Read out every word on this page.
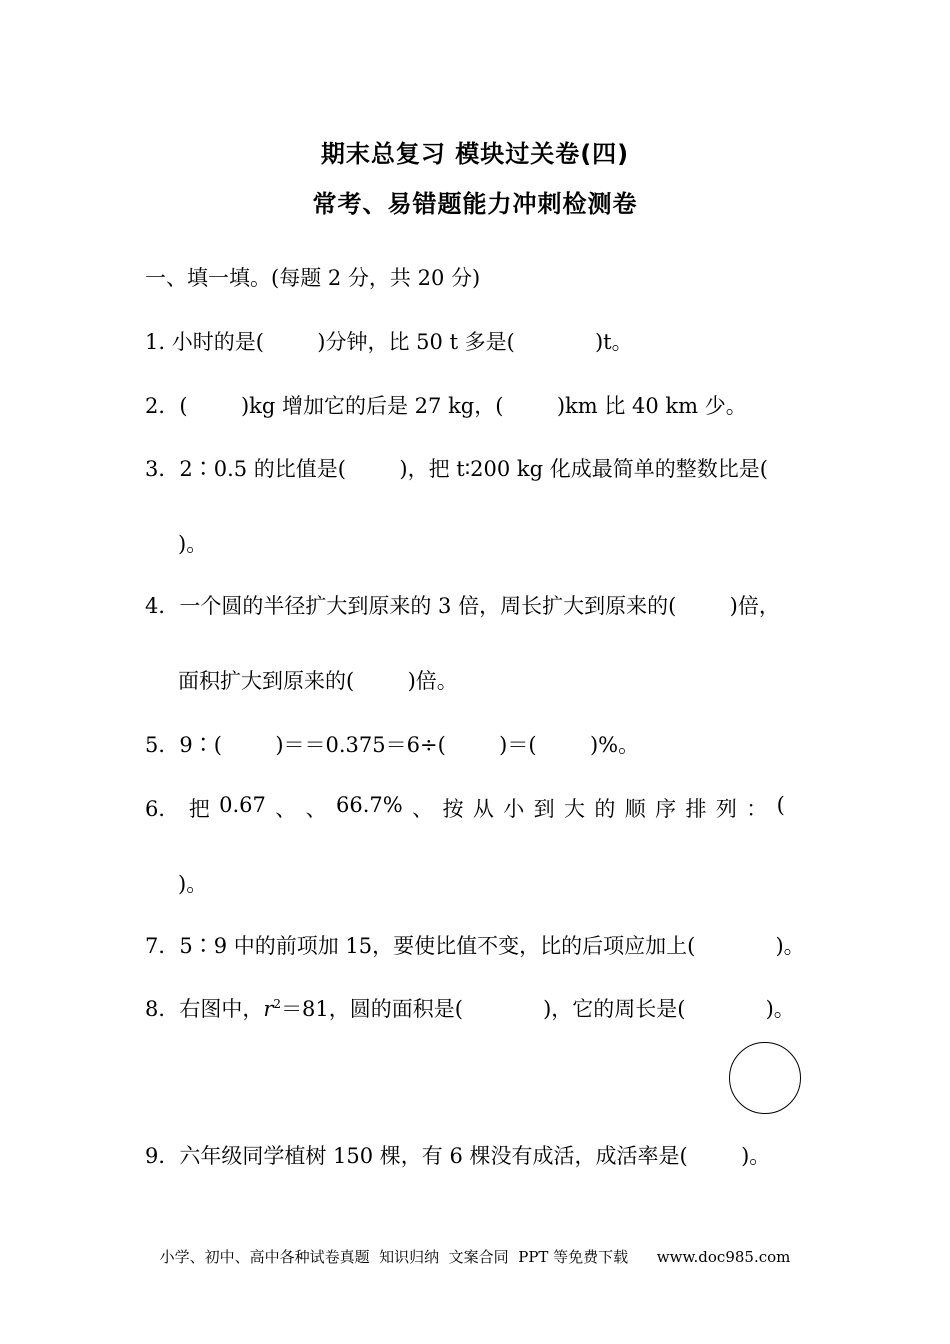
期末总复习 模块过关卷(四)
常考、易错题能力冲刺检测卷
一、填一填。(每题 2 分，共 20 分)
1. 小时的是(        )分钟，比 50 t 多是(            )t。
2．(        )kg 增加它的后是 27 kg，(        )km 比 40 km 少。
3．2∶0.5 的比值是(        )，把 t∶200 kg 化成最简单的整数比是(
)。
4．一个圆的半径扩大到原来的 3 倍，周长扩大到原来的(        )倍，
面积扩大到原来的(        )倍。
5．9∶(        )＝＝0.375＝6÷(        )＝(        )%。
6． 把 0.67 、 、 66.7% 、 按 从 小 到 大 的 顺 序 排 列 ： (
)。
7．5∶9 中的前项加 15，要使比值不变，比的后项应加上(            )。
8．右图中，$r^2=81$，圆的面积是(            )，它的周长是(            )。
9．六年级同学植树 150 棵，有 6 棵没有成活，成活率是(        )。
小学、初中、高中各种试卷真题  知识归纳  文案合同  PPT 等免费下载      www.doc985.com
